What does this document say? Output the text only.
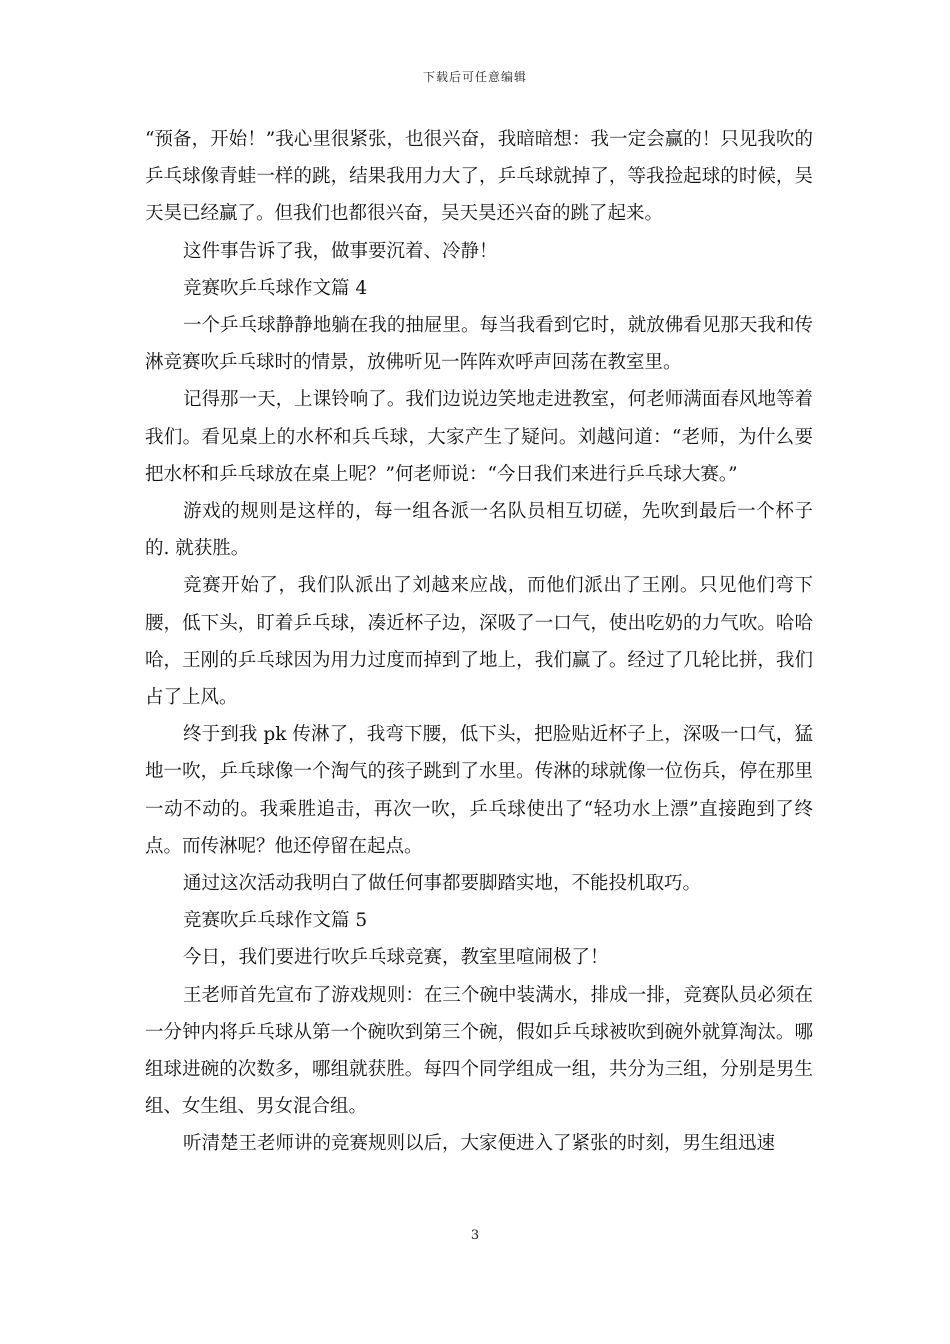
下载后可任意编辑

“预备，开始！”我心里很紧张，也很兴奋，我暗暗想：我一定会赢的！只见我吹的乒乓球像青蛙一样的跳，结果我用力大了，乒乓球就掉了，等我捡起球的时候，吴天昊已经赢了。但我们也都很兴奋，吴天昊还兴奋的跳了起来。

这件事告诉了我，做事要沉着、冷静！

竞赛吹乒乓球作文篇 4

一个乒乓球静静地躺在我的抽屉里。每当我看到它时，就放佛看见那天我和传淋竞赛吹乒乓球时的情景，放佛听见一阵阵欢呼声回荡在教室里。

记得那一天，上课铃响了。我们边说边笑地走进教室，何老师满面春风地等着我们。看见桌上的水杯和兵乓球，大家产生了疑问。刘越问道：“老师，为什么要把水杯和乒乓球放在桌上呢？”何老师说：“今日我们来进行乒乓球大赛。”

游戏的规则是这样的，每一组各派一名队员相互切磋，先吹到最后一个杯子的. 就获胜。

竞赛开始了，我们队派出了刘越来应战，而他们派出了王刚。只见他们弯下腰，低下头，盯着乒乓球，凑近杯子边，深吸了一口气，使出吃奶的力气吹。哈哈哈，王刚的乒乓球因为用力过度而掉到了地上，我们赢了。经过了几轮比拼，我们占了上风。

终于到我 pk 传淋了，我弯下腰，低下头，把脸贴近杯子上，深吸一口气，猛地一吹，乒乓球像一个淘气的孩子跳到了水里。传淋的球就像一位伤兵，停在那里一动不动的。我乘胜追击，再次一吹，乒乓球使出了“轻功水上漂”直接跑到了终点。而传淋呢？他还停留在起点。

通过这次活动我明白了做任何事都要脚踏实地，不能投机取巧。

竞赛吹乒乓球作文篇 5

今日，我们要进行吹乒乓球竞赛，教室里喧闹极了！

王老师首先宣布了游戏规则：在三个碗中装满水，排成一排，竞赛队员必须在一分钟内将乒乓球从第一个碗吹到第三个碗，假如乒乓球被吹到碗外就算淘汰。哪组球进碗的次数多，哪组就获胜。每四个同学组成一组，共分为三组，分别是男生组、女生组、男女混合组。

听清楚王老师讲的竞赛规则以后，大家便进入了紧张的时刻，男生组迅速

3
